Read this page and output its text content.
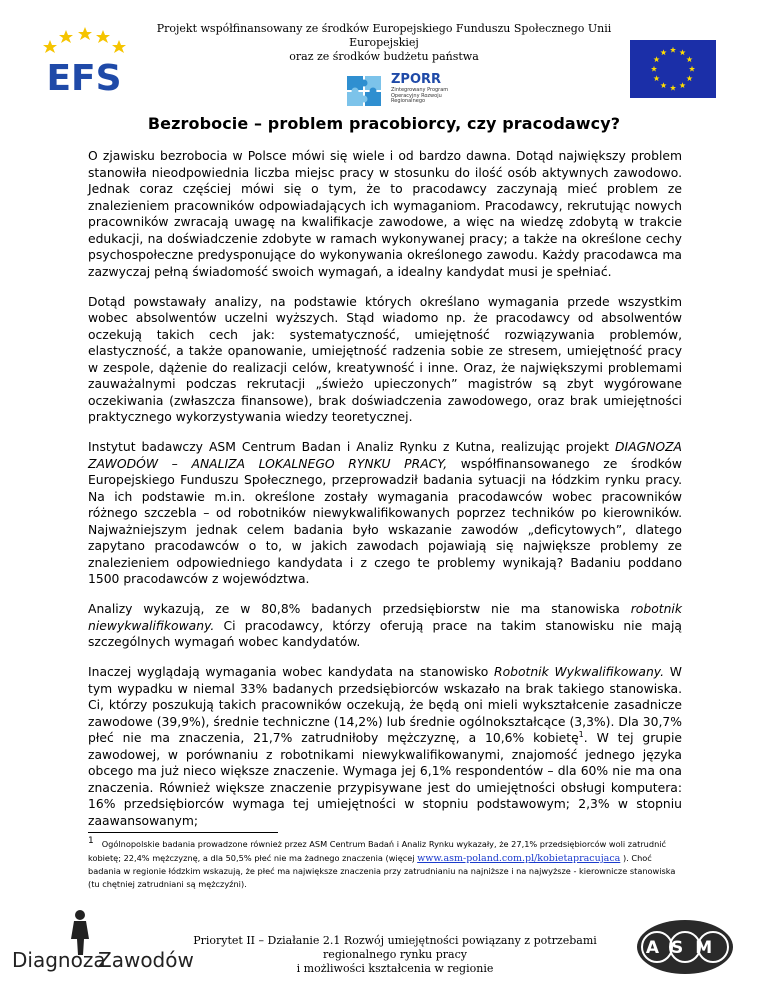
EFS
Projekt współfinansowany ze środków Europejskiego Funduszu Społecznego Unii Europejskiej
oraz ze środków budżetu państwa
ZPORR
Zintegrowany Program Operacyjny Rozwoju Regionalnego
Bezrobocie – problem pracobiorcy, czy pracodawcy?

O zjawisku bezrobocia w Polsce mówi się wiele i od bardzo dawna. Dotąd największy problem stanowiła nieodpowiednia liczba miejsc pracy w stosunku do ilość osób aktywnych zawodowo. Jednak coraz częściej mówi się o tym, że to pracodawcy zaczynają mieć problem ze znalezieniem pracowników odpowiadających ich wymaganiom. Pracodawcy, rekrutując nowych pracowników zwracają uwagę na kwalifikacje zawodowe, a więc na wiedzę zdobytą w trakcie edukacji, na doświadczenie zdobyte w ramach wykonywanej pracy; a także na określone cechy psychospołeczne predysponujące do wykonywania określonego zawodu. Każdy pracodawca ma zazwyczaj pełną świadomość swoich wymagań, a idealny kandydat musi je spełniać.

Dotąd powstawały analizy, na podstawie których określano wymagania przede wszystkim wobec absolwentów uczelni wyższych. Stąd wiadomo np. że pracodawcy od absolwentów oczekują takich cech jak: systematyczność, umiejętność rozwiązywania problemów, elastyczność, a także opanowanie, umiejętność radzenia sobie ze stresem, umiejętność pracy w zespole, dążenie do realizacji celów, kreatywność i inne. Oraz, że największymi problemami zauważalnymi podczas rekrutacji „świeżo upieczonych” magistrów są zbyt wygórowane oczekiwania (zwłaszcza finansowe), brak doświadczenia zawodowego, oraz brak umiejętności praktycznego wykorzystywania wiedzy teoretycznej.

Instytut badawczy ASM Centrum Badan i Analiz Rynku z Kutna, realizując projekt DIAGNOZA ZAWODÓW – ANALIZA LOKALNEGO RYNKU PRACY, współfinansowanego ze środków Europejskiego Funduszu Społecznego, przeprowadził badania sytuacji na łódzkim rynku pracy. Na ich podstawie m.in. określone zostały wymagania pracodawców wobec pracowników różnego szczebla – od robotników niewykwalifikowanych poprzez techników po kierowników. Najważniejszym jednak celem badania było wskazanie zawodów „deficytowych”, dlatego zapytano pracodawców o to, w jakich zawodach pojawiają się największe problemy ze znalezieniem odpowiedniego kandydata i z czego te problemy wynikają? Badaniu poddano 1500 pracodawców z województwa.

Analizy wykazują, ze w 80,8% badanych przedsiębiorstw nie ma stanowiska robotnik niewykwalifikowany. Ci pracodawcy, którzy oferują prace na takim stanowisku nie mają szczególnych wymagań wobec kandydatów.

Inaczej wyglądają wymagania wobec kandydata na stanowisko Robotnik Wykwalifikowany. W tym wypadku w niemal 33% badanych przedsiębiorców wskazało na brak takiego stanowiska. Ci, którzy poszukują takich pracowników oczekują, że będą oni mieli wykształcenie zasadnicze zawodowe (39,9%), średnie techniczne (14,2%) lub średnie ogólnokształcące (3,3%). Dla 30,7% płeć nie ma znaczenia, 21,7% zatrudniłoby mężczyznę, a 10,6% kobietę$^1$. W tej grupie zawodowej, w porównaniu z robotnikami niewykwalifikowanymi, znajomość jednego języka obcego ma już nieco większe znaczenie. Wymaga jej 6,1% respondentów – dla 60% nie ma ona znaczenia. Również większe znaczenie przypisywane jest do umiejętności obsługi komputera: 16% przedsiębiorców wymaga tej umiejętności w stopniu podstawowym; 2,3% w stopniu zaawansowanym;

1 Ogólnopolskie badania prowadzone również przez ASM Centrum Badań i Analiz Rynku wykazały, że 27,1% przedsiębiorców woli zatrudnić kobietę; 22,4% mężczyznę, a dla 50,5% płeć nie ma żadnego znaczenia (więcej www.asm-poland.com.pl/kobietapracujaca ). Choć badania w regionie łódzkim wskazują, że płeć ma największe znaczenia przy zatrudnianiu na najniższe i na najwyższe - kierownicze stanowiska (tu chętniej zatrudniani są mężczyźni).
Diagnoza
Zawodów
Priorytet II – Działanie 2.1 Rozwój umiejętności powiązany z potrzebami regionalnego rynku pracy
i możliwości kształcenia w regionie
ASM
